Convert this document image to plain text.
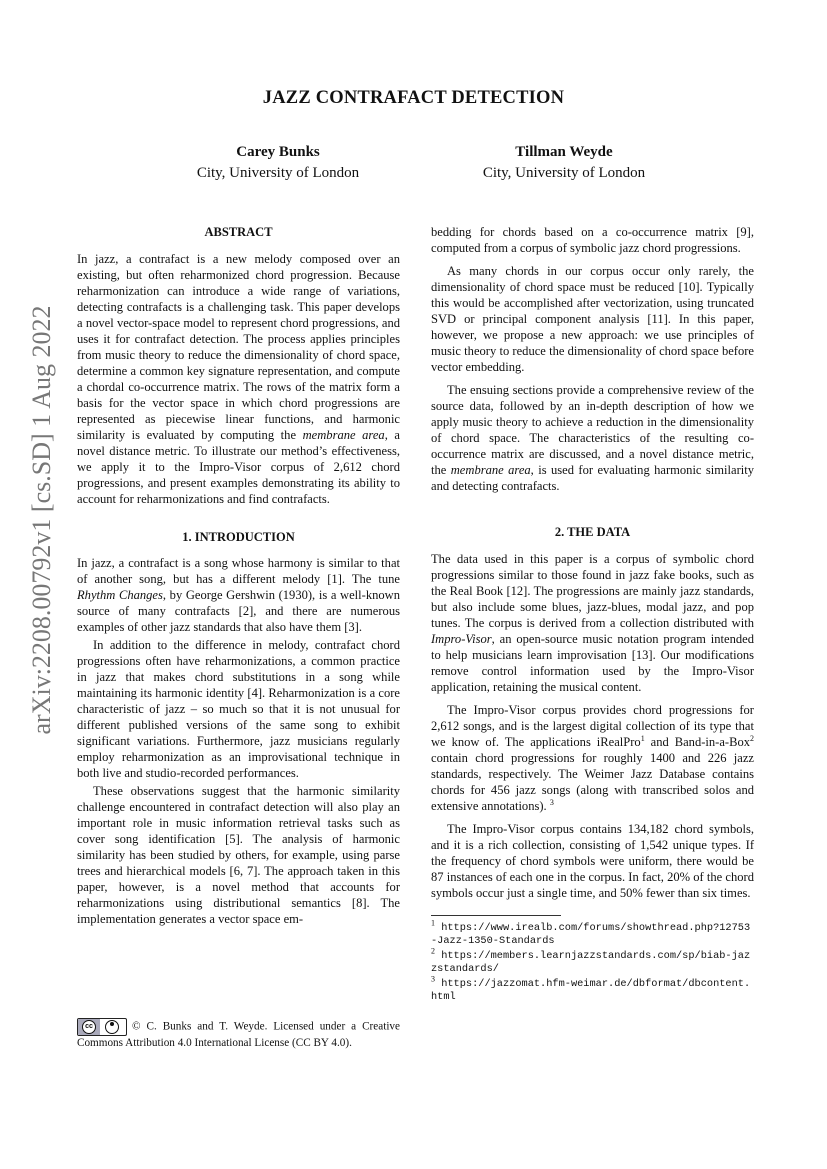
JAZZ CONTRAFACT DETECTION
Carey Bunks
City, University of London
Tillman Weyde
City, University of London
arXiv:2208.00792v1 [cs.SD] 1 Aug 2022
ABSTRACT

In jazz, a contrafact is a new melody composed over an existing, but often reharmonized chord progression. Because reharmonization can introduce a wide range of variations, detecting contrafacts is a challenging task. This paper develops a novel vector-space model to represent chord progressions, and uses it for contrafact detection. The process applies principles from music theory to reduce the dimensionality of chord space, determine a common key signature representation, and compute a chordal co-occurrence matrix. The rows of the matrix form a basis for the vector space in which chord progressions are represented as piecewise linear functions, and harmonic similarity is evaluated by computing the membrane area, a novel distance metric. To illustrate our method’s effectiveness, we apply it to the Impro-Visor corpus of 2,612 chord progressions, and present examples demonstrating its ability to account for reharmonizations and find contrafacts.

1. INTRODUCTION

In jazz, a contrafact is a song whose harmony is similar to that of another song, but has a different melody [1]. The tune Rhythm Changes, by George Gershwin (1930), is a well-known source of many contrafacts [2], and there are numerous examples of other jazz standards that also have them [3].

In addition to the difference in melody, contrafact chord progressions often have reharmonizations, a common practice in jazz that makes chord substitutions in a song while maintaining its harmonic identity [4]. Reharmonization is a core characteristic of jazz – so much so that it is not unusual for different published versions of the same song to exhibit significant variations. Furthermore, jazz musicians regularly employ reharmonization as an improvisational technique in both live and studio-recorded performances.

These observations suggest that the harmonic similarity challenge encountered in contrafact detection will also play an important role in music information retrieval tasks such as cover song identification [5]. The analysis of harmonic similarity has been studied by others, for example, using parse trees and hierarchical models [6, 7]. The approach taken in this paper, however, is a novel method that accounts for reharmonizations using distributional semantics [8]. The implementation generates a vector space em-

bedding for chords based on a co-occurrence matrix [9], computed from a corpus of symbolic jazz chord progressions.

As many chords in our corpus occur only rarely, the dimensionality of chord space must be reduced [10]. Typically this would be accomplished after vectorization, using truncated SVD or principal component analysis [11]. In this paper, however, we propose a new approach: we use principles of music theory to reduce the dimensionality of chord space before vector embedding.

The ensuing sections provide a comprehensive review of the source data, followed by an in-depth description of how we apply music theory to achieve a reduction in the dimensionality of chord space. The characteristics of the resulting co-occurrence matrix are discussed, and a novel distance metric, the membrane area, is used for evaluating harmonic similarity and detecting contrafacts.

2. THE DATA

The data used in this paper is a corpus of symbolic chord progressions similar to those found in jazz fake books, such as the Real Book [12]. The progressions are mainly jazz standards, but also include some blues, jazz-blues, modal jazz, and pop tunes. The corpus is derived from a collection distributed with Impro-Visor, an open-source music notation program intended to help musicians learn improvisation [13]. Our modifications remove control information used by the Impro-Visor application, retaining the musical content.

The Impro-Visor corpus provides chord progressions for 2,612 songs, and is the largest digital collection of its type that we know of. The applications iRealPro$^1$ and Band-in-a-Box$^2$ contain chord progressions for roughly 1400 and 226 jazz standards, respectively. The Weimer Jazz Database contains chords for 456 jazz songs (along with transcribed solos and extensive annotations). $^3$

The Impro-Visor corpus contains 134,182 chord symbols, and it is a rich collection, consisting of 1,542 unique types. If the frequency of chord symbols were uniform, there would be 87 instances of each one in the corpus. In fact, 20% of the chord symbols occur just a single time, and 50% fewer than six times.

$^1$ https://www.irealb.com/forums/showthread.php?12753-Jazz-1350-Standards

$^2$ https://members.learnjazzstandards.com/sp/biab-jazzstandards/

$^3$ https://jazzomat.hfm-weimar.de/dbformat/dbcontent.html

cc	© C. Bunks and T. Weyde. Licensed under a Creative Commons Attribution 4.0 International License (CC BY 4.0).
